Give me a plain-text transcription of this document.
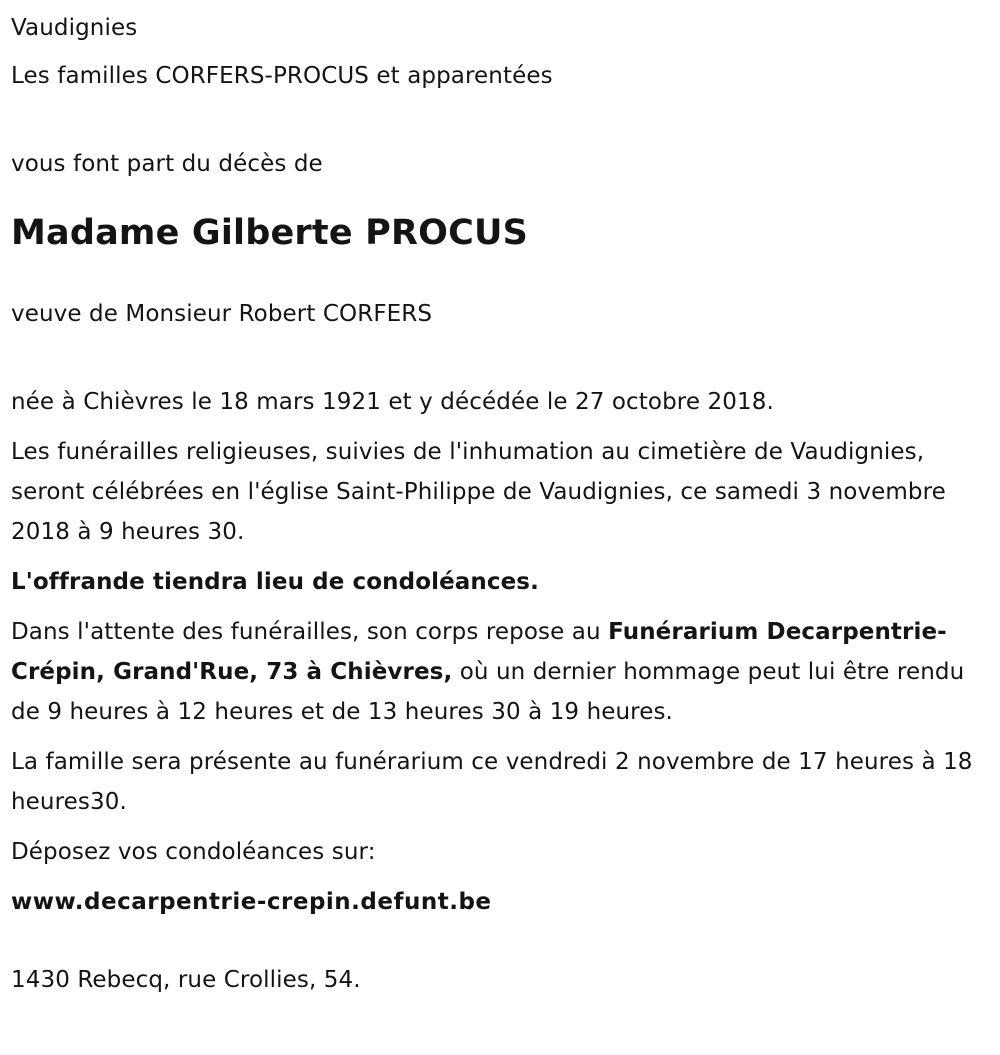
Vaudignies

Les familles CORFERS-PROCUS et apparentées

vous font part du décès de

Madame Gilberte PROCUS

veuve de Monsieur Robert CORFERS

née à Chièvres le 18 mars 1921 et y décédée le 27 octobre 2018.

Les funérailles religieuses, suivies de l'inhumation au cimetière de Vaudignies, seront célébrées en l'église Saint-Philippe de Vaudignies, ce samedi 3 novembre 2018 à 9 heures 30.

L'offrande tiendra lieu de condoléances.

Dans l'attente des funérailles, son corps repose au Funérarium Decarpentrie-Crépin, Grand'Rue, 73 à Chièvres, où un dernier hommage peut lui être rendu de 9 heures à 12 heures et de 13 heures 30 à 19 heures.

La famille sera présente au funérarium ce vendredi 2 novembre de 17 heures à 18 heures30.

Déposez vos condoléances sur:

www.decarpentrie-crepin.defunt.be

1430 Rebecq, rue Crollies, 54.
